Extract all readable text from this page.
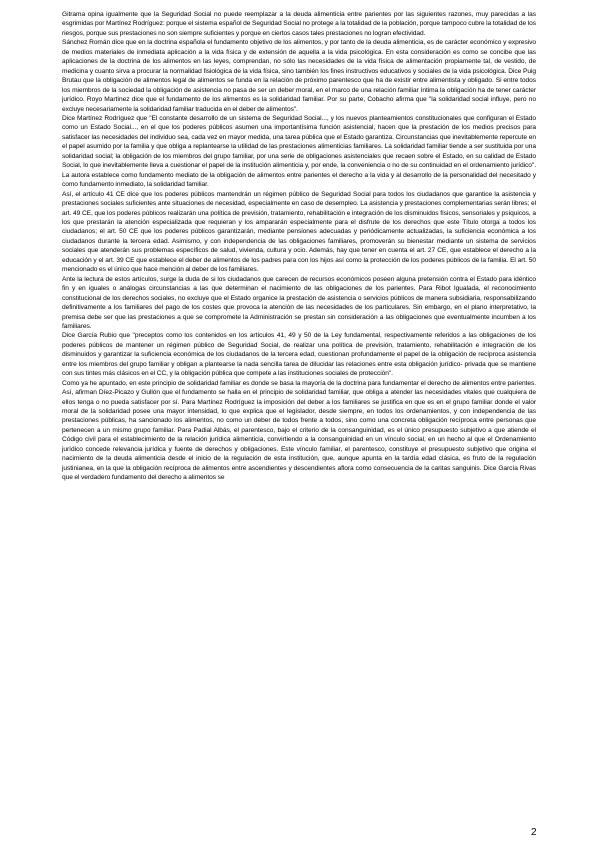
Gitrama opina igualmente que la Seguridad Social no puede reemplazar a la deuda alimenticia entre parientes por las siguientes razones, muy parecidas a las esgrimidas por Martínez Rodríguez: porque el sistema español de Seguridad Social no protege a la totalidad de la población, porque tampoco cubre la totalidad de los riesgos, porque sus prestaciones no son siempre suficientes y porque en ciertos casos tales prestaciones no logran efectividad.

Sánchez Román dice que en la doctrina española el fundamento objetivo de los alimentos, y por tanto de la deuda alimenticia, es de carácter económico y expresivo de medios materiales de inmediata aplicación a la vida física y de extensión de aquella a la vida psicológica. En esta consideración es como se concibe que las aplicaciones de la doctrina de los alimentos en las leyes, comprendan, no sólo las necesidades de la vida física de alimentación propiamente tal, de vestido, de medicina y cuanto sirva a procurar la normalidad fisiológica de la vida física, sino también los fines instructivos educativos y sociales de la vida psicológica. Dice Puig Brutau que la obligación de alimentos legal de alimentos se funda en la relación de próximo parentesco que ha de existir entre alimentista y obligado. Si entre todos los miembros de la sociedad la obligación de asistencia no pasa de ser un deber moral, en el marco de una relación familiar íntima la obligación ha de tener carácter jurídico. Royo Martínez dice que el fundamento de los alimentos es la solidaridad familiar. Por su parte, Cobacho afirma que "la solidaridad social influye, pero no excluye necesariamente la solidaridad familiar traducida en el deber de alimentos".

Dice Martínez Rodríguez que "El constante desarrollo de un sistema de Seguridad Social..., y los nuevos planteamientos constitucionales que configuran el Estado como un Estado Social..., en el que los poderes públicos asumen una importantísima función asistencial, hacen que la prestación de los medios precisos para satisfacer las necesidades del individuo sea, cada vez en mayor medida, una tarea pública que el Estado garantiza. Circunstancias que inevitablemente repercute en el papel asumido por la familia y que obliga a replantearse la utilidad de las prestaciones alimenticias familiares. La solidaridad familiar tiende a ser sustituida por una solidaridad social; la obligación de los miembros del grupo familiar, por una serie de obligaciones asistenciales que recaen sobre el Estado, en su calidad de Estado Social, lo que inevitablemente lleva a cuestionar el papel de la institución alimenticia y, por ende, la conveniencia o no de su continuidad en el ordenamiento jurídico". La autora establece como fundamento mediato de la obligación de alimentos entre parientes el derecho a la vida y al desarrollo de la personalidad del necesitado y como fundamento inmediato, la solidaridad familiar.

Así, el artículo 41 CE dice que los poderes públicos mantendrán un régimen público de Seguridad Social para todos los ciudadanos que garantice la asistencia y prestaciones sociales suficientes ante situaciones de necesidad, especialmente en caso de desempleo. La asistencia y prestaciones complementarias serán libres; el art. 49 CE, que los poderes públicos realizarán una política de previsión, tratamiento, rehabilitación e integración de los disminuidos físicos, sensoriales y psíquicos, a los que prestarán la atención especializada que requieran y los ampararán especialmente para el disfrute de los derechos que este Título otorga a todos los ciudadanos; el art. 50 CE que los poderes públicos garantizarán, mediante pensiones adecuadas y periódicamente actualizadas, la suficiencia económica a los ciudadanos durante la tercera edad. Asimismo, y con independencia de las obligaciones familiares, promoverán su bienestar mediante un sistema de servicios sociales que atenderán sus problemas específicos de salud, vivienda, cultura y ocio. Además, hay que tener en cuenta el art. 27 CE, que establece el derecho a la educación y el art. 39 CE que establece el deber de alimentos de los padres para con los hijos así como la protección de los poderes públicos de la familia. El art. 50 mencionado es el único que hace mención al deber de los familiares.

Ante la lectura de estos artículos, surge la duda de si los ciudadanos que carecen de recursos económicos poseen alguna pretensión contra el Estado para idéntico fin y en iguales o análogas circunstancias a las que determinan el nacimiento de las obligaciones de los parientes. Para Ribot Igualada, el reconocimiento constitucional de los derechos sociales, no excluye que el Estado organice la prestación de asistencia o servicios públicos de manera subsidiaria, responsabilizando definitivamente a los familiares del pago de los costes que provoca la atención de las necesidades de los particulares. Sin embargo, en el plano interpretativo, la premisa debe ser que las prestaciones a que se compromete la Administración se prestan sin consideración a las obligaciones que eventualmente incumben a los familiares.

Dice García Rubio que "preceptos como los contenidos en los artículos 41, 49 y 50 de la Ley fundamental, respectivamente referidos a las obligaciones de los poderes públicos de mantener un régimen público de Seguridad Social, de realizar una política de previsión, tratamiento, rehabilitación e integración de los disminuidos y garantizar la suficiencia económica de los ciudadanos de la tercera edad, cuestionan profundamente el papel de la obligación de recíproca asistencia entre los miembros del grupo familiar y obligan a plantearse la nada sencilla tarea de dilucidar las relaciones entre esta obligación jurídico- privada que se mantiene con sus tintes más clásicos en el CC, y la obligación pública que compete a las instituciones sociales de protección".

Como ya he apuntado, en este principio de solidaridad familiar es donde se basa la mayoría de la doctrina para fundamentar el derecho de alimentos entre parientes. Así, afirman Díez-Picazo y Gullón que el fundamento se halla en el principio de solidaridad familiar, que obliga a atender las necesidades vitales que cualquiera de ellos tenga o no pueda satisfacer por sí. Para Martínez Rodríguez la imposición del deber a los familiares se justifica en que es en el grupo familiar donde el valor moral de la solidaridad posee una mayor intensidad, lo que explica que el legislador, desde siempre, en todos los ordenamientos, y con independencia de las prestaciones públicas, ha sancionado los alimentos, no como un deber de todos frente a todos, sino como una concreta obligación recíproca entre personas que pertenecen a un mismo grupo familiar. Para Padial Albás, el parentesco, bajo el criterio de la consanguinidad, es el único presupuesto subjetivo a que atiende el Código civil para el establecimiento de la relación jurídica alimenticia, convirtiendo a la consanguinidad en un vínculo social, en un hecho al que el Ordenamiento jurídico concede relevancia jurídica y fuente de derechos y obligaciones. Este vínculo familiar, el parentesco, constituye el presupuesto subjetivo que origina el nacimiento de la deuda alimenticia desde el inicio de la regulación de esta institución, que, aunque apunta en la tardía edad clásica, es fruto de la regulación justinianea, en la que la obligación recíproca de alimentos entre ascendientes y descendientes aflora como consecuencia de la caritas sanguinis. Dice García Rivas que el verdadero fundamento del derecho a alimentos se

2
